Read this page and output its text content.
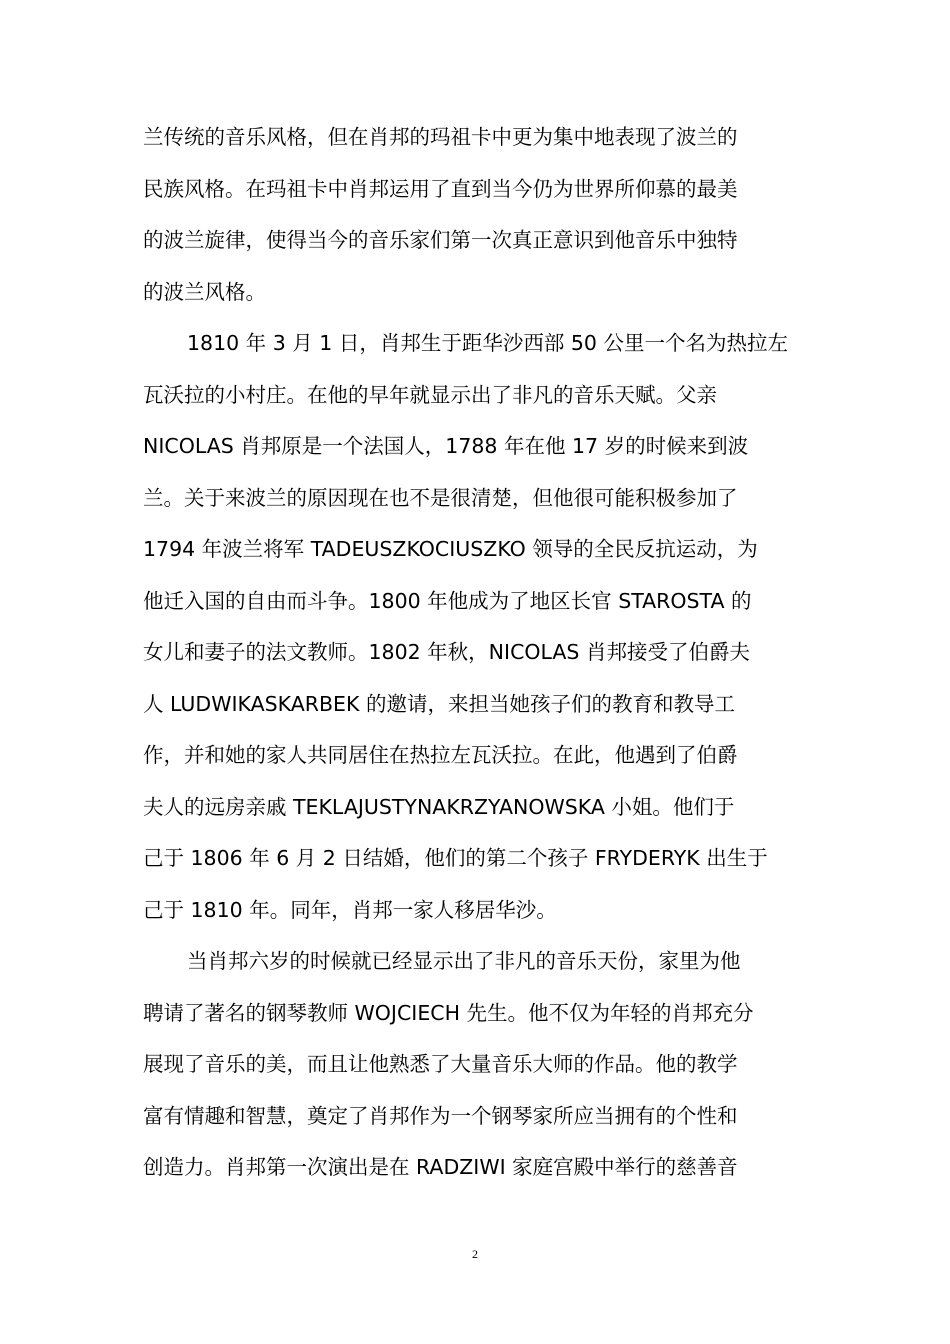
兰传统的音乐风格，但在肖邦的玛祖卡中更为集中地表现了波兰的
民族风格。在玛祖卡中肖邦运用了直到当今仍为世界所仰慕的最美
的波兰旋律，使得当今的音乐家们第一次真正意识到他音乐中独特
的波兰风格。
1810 年 3 月 1 日，肖邦生于距华沙西部 50 公里一个名为热拉左
瓦沃拉的小村庄。在他的早年就显示出了非凡的音乐天赋。父亲
NICOLAS 肖邦原是一个法国人，1788 年在他 17 岁的时候来到波
兰。关于来波兰的原因现在也不是很清楚，但他很可能积极参加了
1794 年波兰将军 TADEUSZKOCIUSZKO 领导的全民反抗运动，为
他迁入国的自由而斗争。1800 年他成为了地区长官 STAROSTA 的
女儿和妻子的法文教师。1802 年秋，NICOLAS 肖邦接受了伯爵夫
人 LUDWIKASKARBEK 的邀请，来担当她孩子们的教育和教导工
作，并和她的家人共同居住在热拉左瓦沃拉。在此，他遇到了伯爵
夫人的远房亲戚 TEKLAJUSTYNAKRZYANOWSKA 小姐。他们于
己于 1806 年 6 月 2 日结婚，他们的第二个孩子 FRYDERYK 出生于
己于 1810 年。同年，肖邦一家人移居华沙。
当肖邦六岁的时候就已经显示出了非凡的音乐天份，家里为他
聘请了著名的钢琴教师 WOJCIECH 先生。他不仅为年轻的肖邦充分
展现了音乐的美，而且让他熟悉了大量音乐大师的作品。他的教学
富有情趣和智慧，奠定了肖邦作为一个钢琴家所应当拥有的个性和
创造力。肖邦第一次演出是在 RADZIWI 家庭宫殿中举行的慈善音
2
